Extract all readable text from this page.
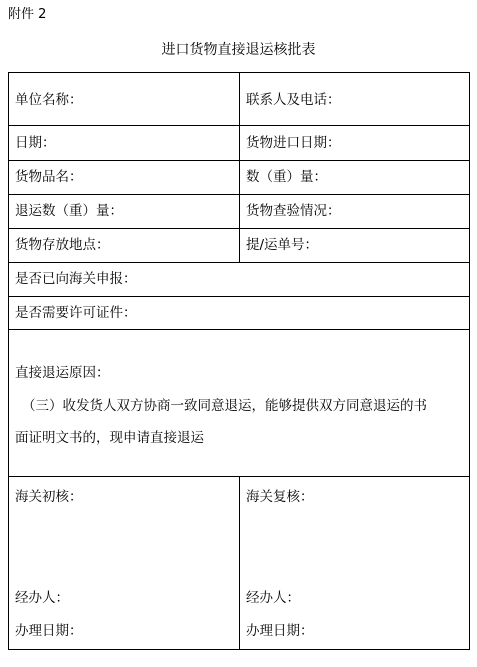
附件 2
进口货物直接退运核批表
单位名称：	联系人及电话：
日期：	货物进口日期：
货物品名：	数（重）量：
退运数（重）量：	货物查验情况：
货物存放地点：	提/运单号：
是否已向海关申报：
是否需要许可证件：
直接退运原因：
（三）收发货人双方协商一致同意退运，能够提供双方同意退运的书
面证明文书的，现申请直接退运
海关初核：
经办人：
办理日期：
海关复核：
经办人：
办理日期：
